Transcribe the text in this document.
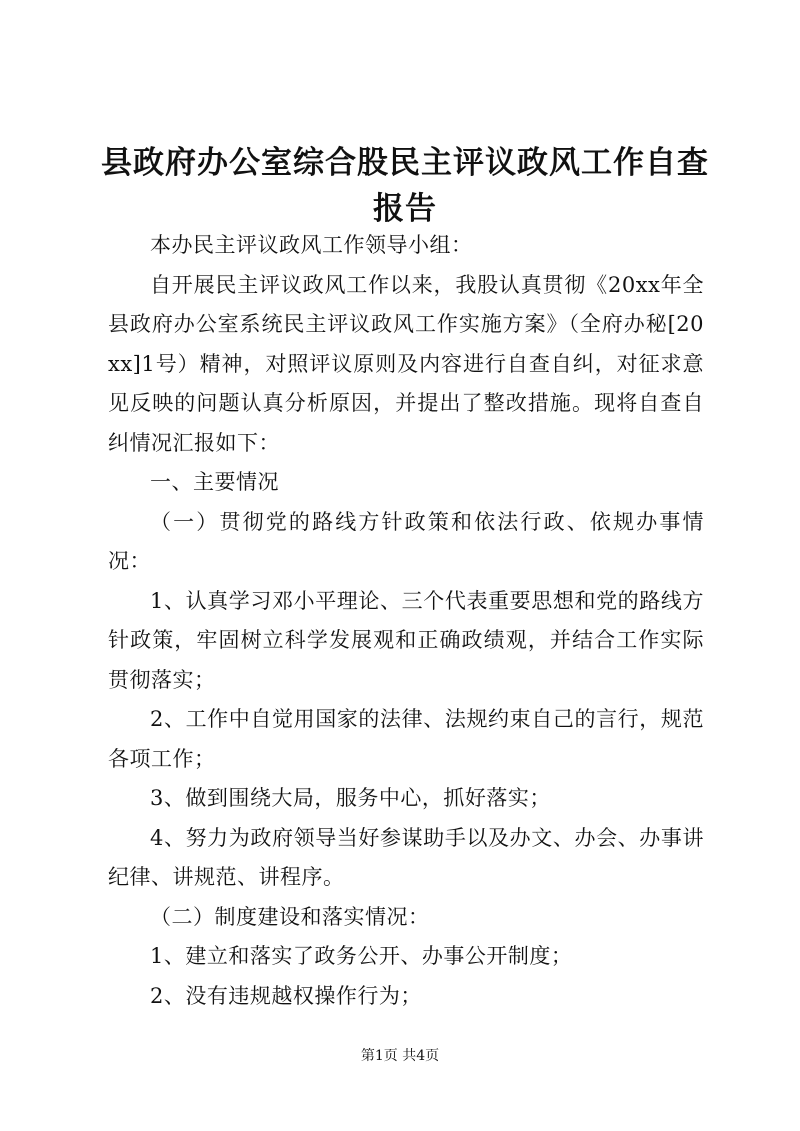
县政府办公室综合股民主评议政风工作自查报告

本办民主评议政风工作领导小组：

自开展民主评议政风工作以来，我股认真贯彻《20xx年全县政府办公室系统民主评议政风工作实施方案》（全府办秘[20xx]1号）精神，对照评议原则及内容进行自查自纠，对征求意见反映的问题认真分析原因，并提出了整改措施。现将自查自纠情况汇报如下：

一、主要情况

（一）贯彻党的路线方针政策和依法行政、依规办事情况：

1、认真学习邓小平理论、三个代表重要思想和党的路线方针政策，牢固树立科学发展观和正确政绩观，并结合工作实际贯彻落实；

2、工作中自觉用国家的法律、法规约束自己的言行，规范各项工作；

3、做到围绕大局，服务中心，抓好落实；

4、努力为政府领导当好参谋助手以及办文、办会、办事讲纪律、讲规范、讲程序。

（二）制度建设和落实情况：

1、建立和落实了政务公开、办事公开制度；

2、没有违规越权操作行为；

第1页 共4页
